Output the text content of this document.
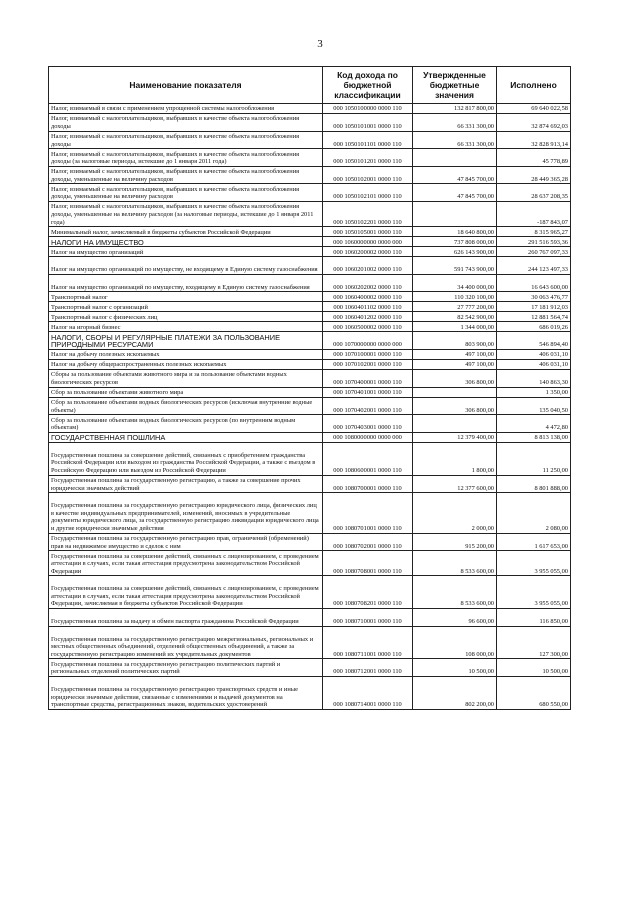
3
Наименование показателя	Код дохода по бюджетной классификации	Утвержденные бюджетные значения	Исполнено
Налог, взимаемый в связи с применением упрощенной системы налогообложения	000 1050100000 0000 110	132 817 800,00	69 640 022,58
Налог, взимаемый с налогоплательщиков, выбравших в качестве объекта налогообложения доходы	000 1050101001 0000 110	66 331 300,00	32 874 692,03
Налог, взимаемый с налогоплательщиков, выбравших в качестве объекта налогообложения доходы	000 1050101101 0000 110	66 331 300,00	32 828 913,14
Налог, взимаемый с налогоплательщиков, выбравших в качестве объекта налогообложения доходы (за налоговые периоды, истекшие до 1 января 2011 года)	000 1050101201 0000 110		45 778,89
Налог, взимаемый с налогоплательщиков, выбравших в качестве объекта налогообложения доходы, уменьшенные на величину расходов	000 1050102001 0000 110	47 845 700,00	28 449 365,28
Налог, взимаемый с налогоплательщиков, выбравших в качестве объекта налогообложения доходы, уменьшенные на величину расходов	000 1050102101 0000 110	47 845 700,00	28 637 208,35
Налог, взимаемый с налогоплательщиков, выбравших в качестве объекта налогообложения доходы, уменьшенные на величину расходов (за налоговые периоды, истекшие до 1 января 2011 года)	000 1050102201 0000 110		-187 843,07
Минимальный налог, зачисляемый в бюджеты субъектов Российской Федерации	000 1050105001 0000 110	18 640 800,00	8 315 965,27
НАЛОГИ НА ИМУЩЕСТВО	000 1060000000 0000 000	737 808 000,00	291 516 593,36
Налог на имущество организаций	000 1060200002 0000 110	626 143 900,00	260 767 097,33
Налог на имущество организаций по имуществу, не входящему в Единую систему газоснабжения	000 1060201002 0000 110	591 743 900,00	244 123 497,33
Налог на имущество организаций по имуществу, входящему в Единую систему газоснабжения	000 1060202002 0000 110	34 400 000,00	16 643 600,00
Транспортный налог	000 1060400002 0000 110	110 320 100,00	30 063 476,77
Транспортный налог с организаций	000 1060401102 0000 110	27 777 200,00	17 181 912,03
Транспортный налог с физических лиц	000 1060401202 0000 110	82 542 900,00	12 881 564,74
Налог на игорный бизнес	000 1060500002 0000 110	1 344 000,00	686 019,26
НАЛОГИ, СБОРЫ И РЕГУЛЯРНЫЕ ПЛАТЕЖИ ЗА ПОЛЬЗОВАНИЕ ПРИРОДНЫМИ РЕСУРСАМИ	000 1070000000 0000 000	803 900,00	546 894,40
Налог на добычу полезных ископаемых	000 1070100001 0000 110	497 100,00	406 031,10
Налог на добычу общераспространенных полезных ископаемых	000 1070102001 0000 110	497 100,00	406 031,10
Сборы за пользование объектами животного мира и за пользование объектами водных биологических ресурсов	000 1070400001 0000 110	306 800,00	140 863,30
Сбор за пользование объектами животного мира	000 1070401001 0000 110		1 350,00
Сбор за пользование объектами водных биологических ресурсов (исключая внутренние водные объекты)	000 1070402001 0000 110	306 800,00	135 040,50
Сбор за пользование объектами водных биологических ресурсов (по внутренним водным объектам)	000 1070403001 0000 110		4 472,80
ГОСУДАРСТВЕННАЯ ПОШЛИНА	000 1080000000 0000 000	12 379 400,00	8 813 138,00
Государственная пошлина за совершение действий, связанных с приобретением гражданства Российской Федерации или выходом из гражданства Российской Федерации, а также с въездом в Российскую Федерацию или выездом из Российской Федерации	000 1080600001 0000 110	1 800,00	11 250,00
Государственная пошлина за государственную регистрацию, а также за совершение прочих юридически значимых действий	000 1080700001 0000 110	12 377 600,00	8 801 888,00
Государственная пошлина за государственную регистрацию юридического лица, физических лиц в качестве индивидуальных предпринимателей, изменений, вносимых в учредительные документы юридического лица, за государственную регистрацию ликвидации юридического лица и другие юридически значимые действия	000 1080701001 0000 110	2 000,00	2 080,00
Государственная пошлина за государственную регистрацию прав, ограничений (обременений) прав на недвижимое имущество и сделок с ним	000 1080702001 0000 110	915 200,00	1 617 653,00
Государственная пошлина за совершение действий, связанных с лицензированием, с проведением аттестации в случаях, если такая аттестация предусмотрена законодательством Российской Федерации	000 1080708001 0000 110	8 533 600,00	3 955 055,00
Государственная пошлина за совершение действий, связанных с лицензированием, с проведением аттестации в случаях, если такая аттестация предусмотрена законодательством Российской Федерации, зачисляемая в бюджеты субъектов Российской Федерации	000 1080708201 0000 110	8 533 600,00	3 955 055,00
Государственная пошлина за выдачу и обмен паспорта гражданина Российской Федерации	000 1080710001 0000 110	96 600,00	116 850,00
Государственная пошлина за государственную регистрацию межрегиональных, региональных и местных общественных объединений, отделений общественных объединений, а также за государственную регистрацию изменений их учредительных документов	000 1080711001 0000 110	108 000,00	127 300,00
Государственная пошлина за государственную регистрацию политических партий и региональных отделений политических партий	000 1080712001 0000 110	10 500,00	10 500,00
Государственная пошлина за государственную регистрацию транспортных средств и иные юридически значимые действия, связанные с изменениями и выдачей документов на транспортные средства, регистрационных знаков, водительских удостоверений	000 1080714001 0000 110	802 200,00	680 550,00
